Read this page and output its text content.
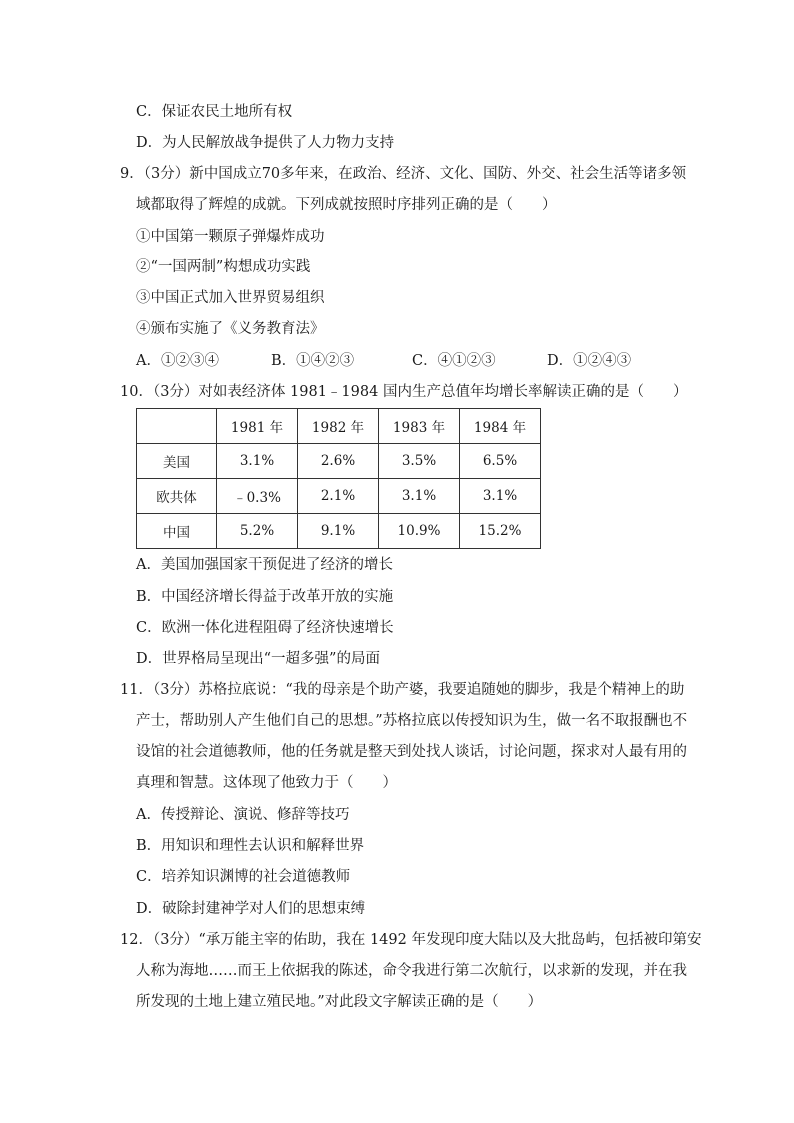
C．保证农民土地所有权
D．为人民解放战争提供了人力物力支持
9．（3分）新中国成立70多年来，在政治、经济、文化、国防、外交、社会生活等诸多领
域都取得了辉煌的成就。下列成就按照时序排列正确的是（　　）
①中国第一颗原子弹爆炸成功
②“一国两制”构想成功实践
③中国正式加入世界贸易组织
④颁布实施了《义务教育法》
A．①②③④	B．①④②③	C．④①②③	D．①②④③
10．（3分）对如表经济体 1981﹣1984 国内生产总值年均增长率解读正确的是（　　）
	1981 年	1982 年	1983 年	1984 年
美国	3.1%	2.6%	3.5%	6.5%
欧共体	﹣0.3%	2.1%	3.1%	3.1%
中国	5.2%	9.1%	10.9%	15.2%
A．美国加强国家干预促进了经济的增长
B．中国经济增长得益于改革开放的实施
C．欧洲一体化进程阻碍了经济快速增长
D．世界格局呈现出“一超多强”的局面
11．（3分）苏格拉底说：“我的母亲是个助产婆，我要追随她的脚步，我是个精神上的助
产士，帮助别人产生他们自己的思想。”苏格拉底以传授知识为生，做一名不取报酬也不
设馆的社会道德教师，他的任务就是整天到处找人谈话，讨论问题，探求对人最有用的
真理和智慧。这体现了他致力于（　　）
A．传授辩论、演说、修辞等技巧
B．用知识和理性去认识和解释世界
C．培养知识渊博的社会道德教师
D．破除封建神学对人们的思想束缚
12．（3分）“承万能主宰的佑助，我在 1492 年发现印度大陆以及大批岛屿，包括被印第安
人称为海地……而王上依据我的陈述，命令我进行第二次航行，以求新的发现，并在我
所发现的土地上建立殖民地。”对此段文字解读正确的是（　　）
